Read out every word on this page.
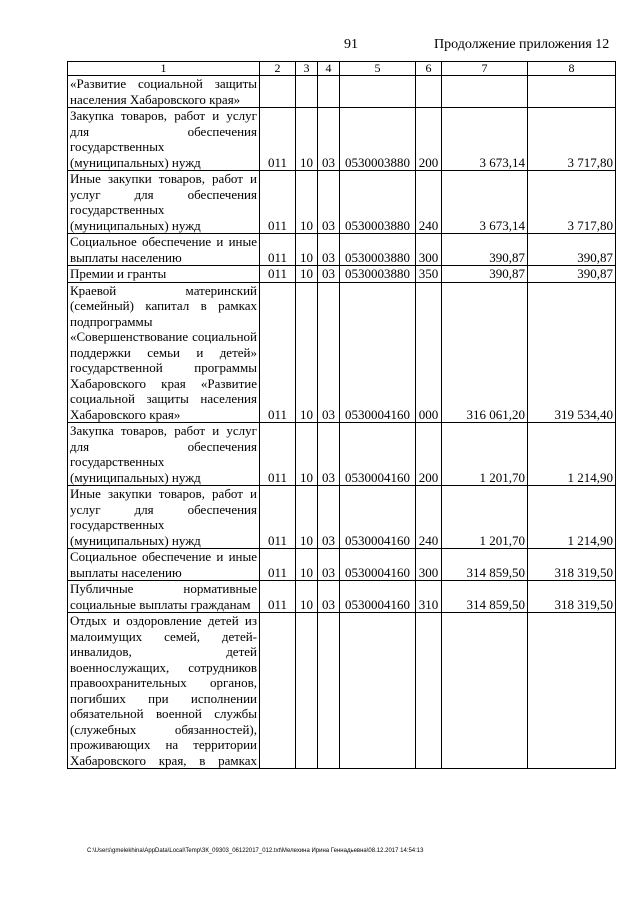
91	Продолжение приложения 12
1	2	3	4	5	6	7	8
«Развитие социальной защиты населения Хабаровского края»							
Закупка товаров, работ и услуг для обеспечения государственных (муниципальных) нужд	011	10	03	0530003880	200	3 673,14	3 717,80
Иные закупки товаров, работ и услуг для обеспечения государственных (муниципальных) нужд	011	10	03	0530003880	240	3 673,14	3 717,80
Социальное обеспечение и иные выплаты населению	011	10	03	0530003880	300	390,87	390,87
Премии и гранты	011	10	03	0530003880	350	390,87	390,87
Краевой материнский (семейный) капитал в рамках подпрограммы «Совершенствование социальной поддержки семьи и детей» государственной программы Хабаровского края «Развитие социальной защиты населения Хабаровского края»	011	10	03	0530004160	000	316 061,20	319 534,40
Закупка товаров, работ и услуг для обеспечения государственных (муниципальных) нужд	011	10	03	0530004160	200	1 201,70	1 214,90
Иные закупки товаров, работ и услуг для обеспечения государственных (муниципальных) нужд	011	10	03	0530004160	240	1 201,70	1 214,90
Социальное обеспечение и иные выплаты населению	011	10	03	0530004160	300	314 859,50	318 319,50
Публичные нормативные социальные выплаты гражданам	011	10	03	0530004160	310	314 859,50	318 319,50
Отдых и оздоровление детей из малоимущих семей, детей-инвалидов, детей военнослужащих, сотрудников правоохранительных органов, погибших при исполнении обязательной военной службы (служебных обязанностей), проживающих на территории Хабаровского края, в рамках							
C:\Users\gmelekhina\AppData\Local\Temp\ЗК_09303_06122017_012.txt\Мелехина Ирина Геннадьевна\08.12.2017 14:54:13
